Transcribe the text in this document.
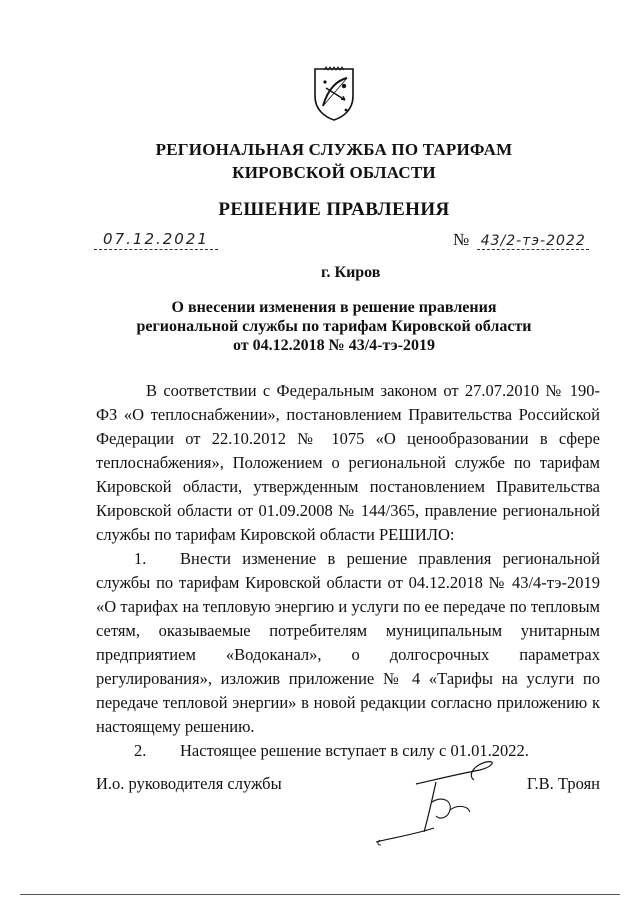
РЕГИОНАЛЬНАЯ СЛУЖБА ПО ТАРИФАМ
КИРОВСКОЙ ОБЛАСТИ
РЕШЕНИЕ ПРАВЛЕНИЯ
07.12.2021	№ 43/2-тэ-2022
г. Киров
О внесении изменения в решение правления
региональной службы по тарифам Кировской области
от 04.12.2018 № 43/4-тэ-2019

В соответствии с Федеральным законом от 27.07.2010 № 190-ФЗ «О теплоснабжении», постановлением Правительства Российской Федерации от 22.10.2012 № 1075 «О ценообразовании в сфере теплоснабжения», Положением о региональной службе по тарифам Кировской области, утвержденным постановлением Правительства Кировской области от 01.09.2008 № 144/365, правление региональной службы по тарифам Кировской области РЕШИЛО:

1. Внести изменение в решение правления региональной службы по тарифам Кировской области от 04.12.2018 № 43/4-тэ-2019 «О тарифах на тепловую энергию и услуги по ее передаче по тепловым сетям, оказываемые потребителям муниципальным унитарным предприятием «Водоканал», о долгосрочных параметрах регулирования», изложив приложение № 4 «Тарифы на услуги по передаче тепловой энергии» в новой редакции согласно приложению к настоящему решению.

2. Настоящее решение вступает в силу с 01.01.2022.

И.о. руководителя службы	Г.В. Троян
